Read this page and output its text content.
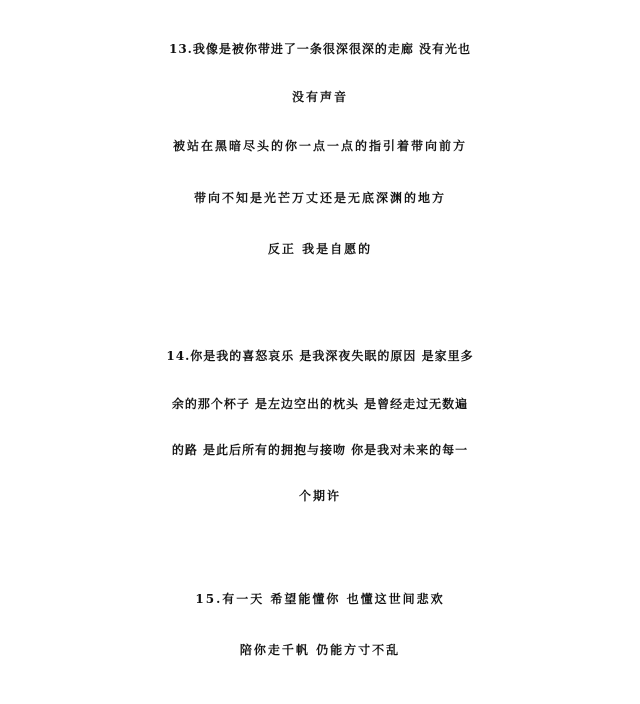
13.我像是被你带进了一条很深很深的走廊 没有光也
没有声音
被站在黑暗尽头的你一点一点的指引着带向前方
带向不知是光芒万丈还是无底深渊的地方
反正 我是自愿的
14.你是我的喜怒哀乐 是我深夜失眠的原因 是家里多
余的那个杯子 是左边空出的枕头 是曾经走过无数遍
的路 是此后所有的拥抱与接吻 你是我对未来的每一
个期许
15.有一天 希望能懂你 也懂这世间悲欢
陪你走千帆 仍能方寸不乱
